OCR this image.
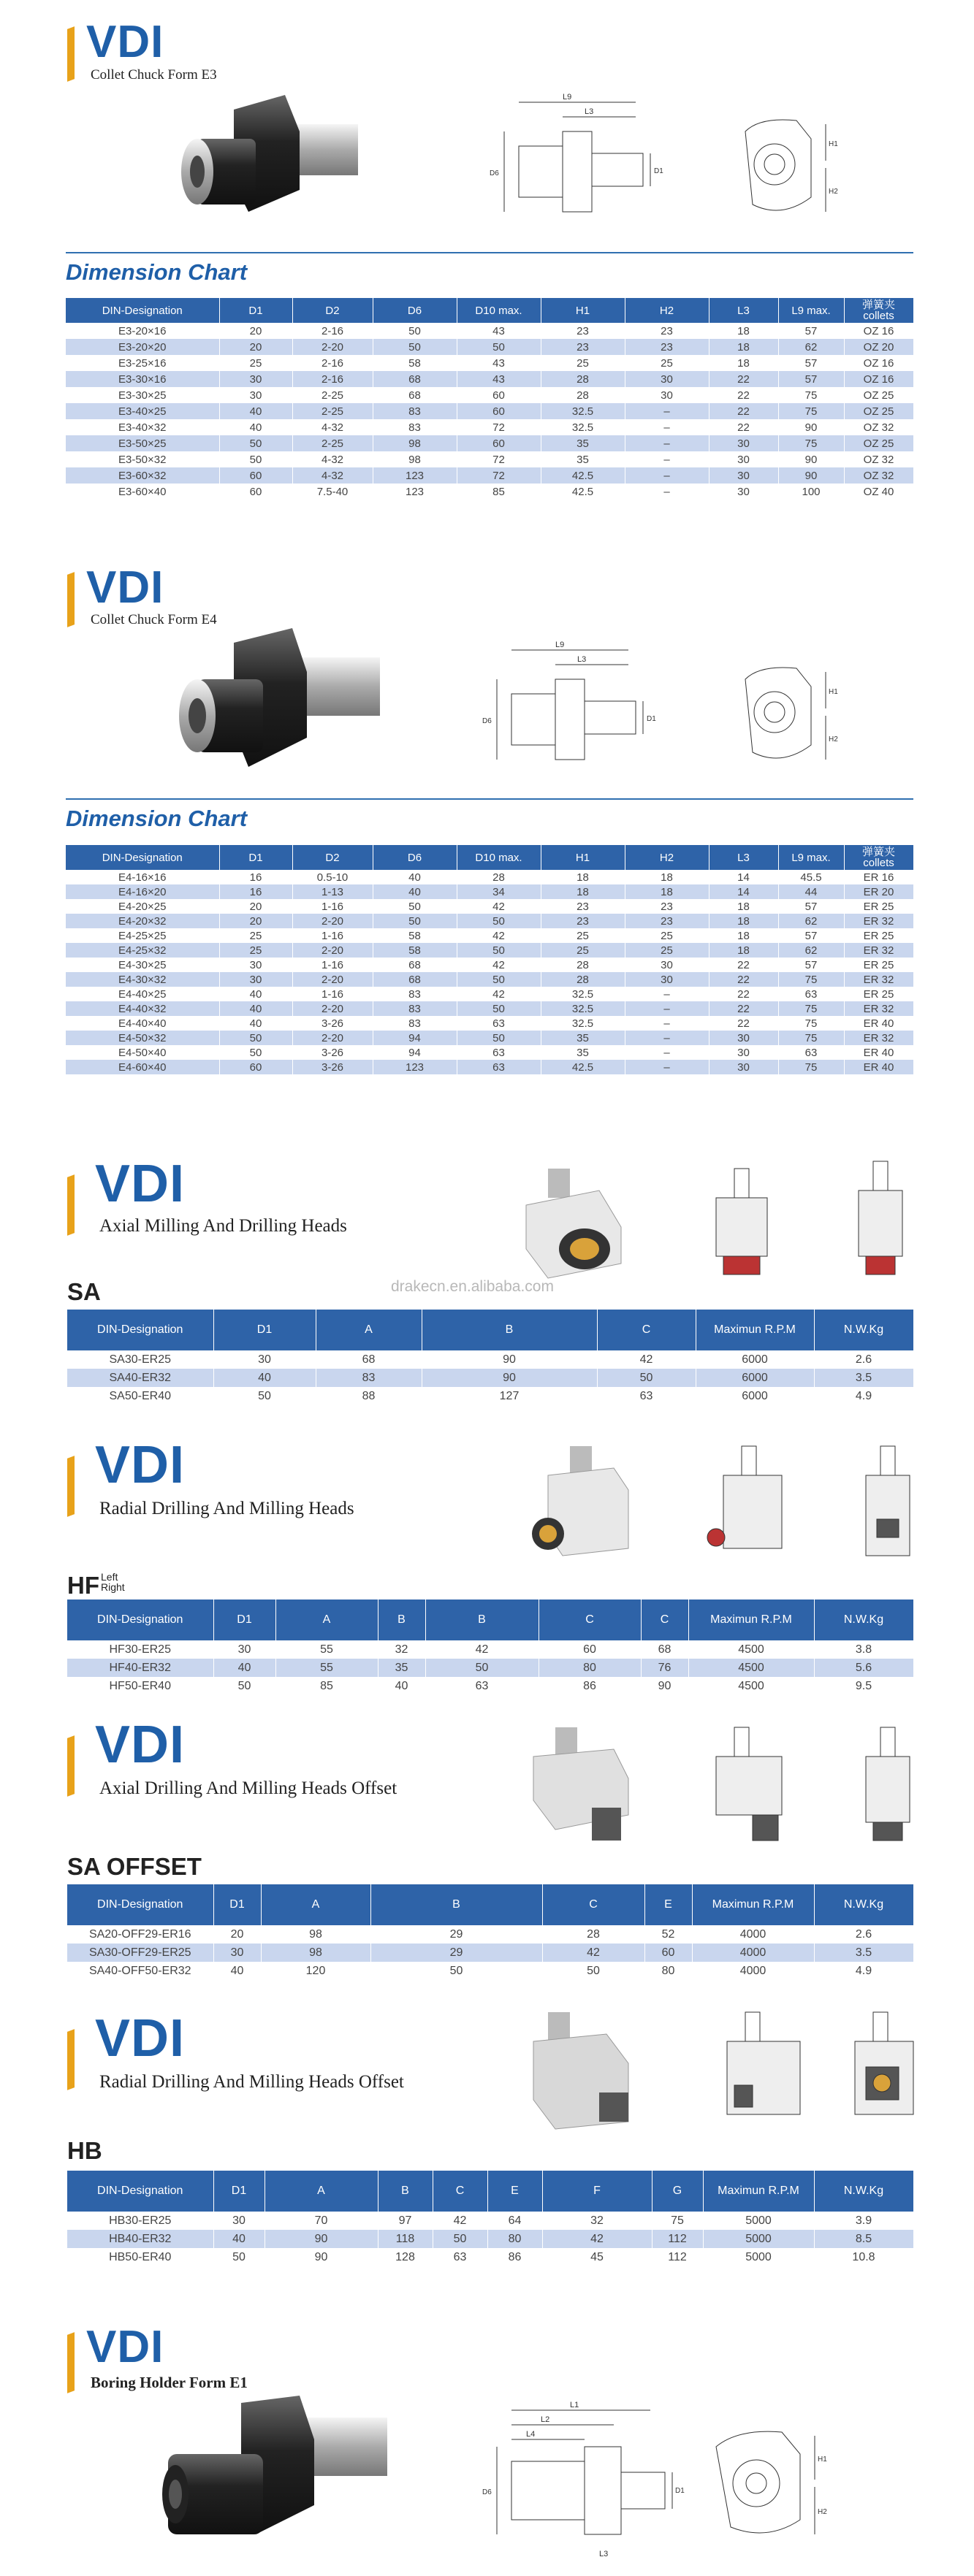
VDI
Collet Chuck Form E3
L9
L3
D6	D1
H1
H2
Dimension Chart
DIN-Designation	D1	D2	D6	D10 max.	H1	H2	L3	L9 max.	弹簧夹 collets
E3-20×16	20	2-16	50	43	23	23	18	57	OZ 16
E3-20×20	20	2-20	50	50	23	23	18	62	OZ 20
E3-25×16	25	2-16	58	43	25	25	18	57	OZ 16
E3-30×16	30	2-16	68	43	28	30	22	57	OZ 16
E3-30×25	30	2-25	68	60	28	30	22	75	OZ 25
E3-40×25	40	2-25	83	60	32.5	–	22	75	OZ 25
E3-40×32	40	4-32	83	72	32.5	–	22	90	OZ 32
E3-50×25	50	2-25	98	60	35	–	30	75	OZ 25
E3-50×32	50	4-32	98	72	35	–	30	90	OZ 32
E3-60×32	60	4-32	123	72	42.5	–	30	90	OZ 32
E3-60×40	60	7.5-40	123	85	42.5	–	30	100	OZ 40
VDI
Collet Chuck Form E4
L9
L3
D6	D1
H1
H2
Dimension Chart
DIN-Designation	D1	D2	D6	D10 max.	H1	H2	L3	L9 max.	弹簧夹 collets
E4-16×16	16	0.5-10	40	28	18	18	14	45.5	ER 16
E4-16×20	16	1-13	40	34	18	18	14	44	ER 20
E4-20×25	20	1-16	50	42	23	23	18	57	ER 25
E4-20×32	20	2-20	50	50	23	23	18	62	ER 32
E4-25×25	25	1-16	58	42	25	25	18	57	ER 25
E4-25×32	25	2-20	58	50	25	25	18	62	ER 32
E4-30×25	30	1-16	68	42	28	30	22	57	ER 25
E4-30×32	30	2-20	68	50	28	30	22	75	ER 32
E4-40×25	40	1-16	83	42	32.5	–	22	63	ER 25
E4-40×32	40	2-20	83	50	32.5	–	22	75	ER 32
E4-40×40	40	3-26	83	63	32.5	–	22	75	ER 40
E4-50×32	50	2-20	94	50	35	–	30	75	ER 32
E4-50×40	50	3-26	94	63	35	–	30	63	ER 40
E4-60×40	60	3-26	123	63	42.5	–	30	75	ER 40
VDI
Axial Milling And Drilling Heads
drakecn.en.alibaba.com
SA
DIN-Designation	D1	A	B	C	Maximun R.P.M	N.W.Kg
SA30-ER25	30	68	90	42	6000	2.6
SA40-ER32	40	83	90	50	6000	3.5
SA50-ER40	50	88	127	63	6000	4.9
VDI
Radial Drilling And Milling Heads
HF Left
Right
DIN-Designation	D1	A	B	B	C	C	Maximun R.P.M	N.W.Kg
HF30-ER25	30	55	32	42	60	68	4500	3.8
HF40-ER32	40	55	35	50	80	76	4500	5.6
HF50-ER40	50	85	40	63	86	90	4500	9.5
VDI
Axial Drilling And Milling Heads Offset
SA OFFSET
DIN-Designation	D1	A	B	C	E	Maximun R.P.M	N.W.Kg
SA20-OFF29-ER16	20	98	29	28	52	4000	2.6
SA30-OFF29-ER25	30	98	29	42	60	4000	3.5
SA40-OFF50-ER32	40	120	50	50	80	4000	4.9
VDI
Radial Drilling And Milling Heads Offset
HB
DIN-Designation	D1	A	B	C	E	F	G	Maximun R.P.M	N.W.Kg
HB30-ER25	30	70	97	42	64	32	75	5000	3.9
HB40-ER32	40	90	118	50	80	42	112	5000	8.5
HB50-ER40	50	90	128	63	86	45	112	5000	10.8
VDI
Boring Holder Form E1
L1
L2
L4
D6	D1
L3
H1
H2
